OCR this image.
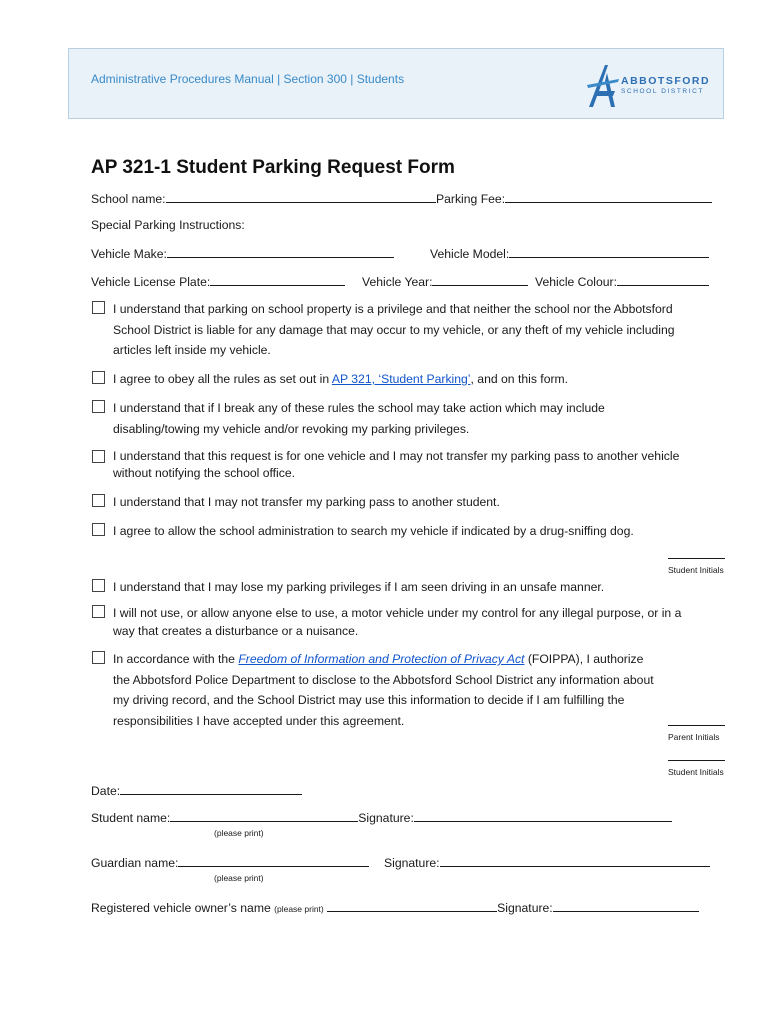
Administrative Procedures Manual | Section 300 | Students	ABBOTSFORD
SCHOOL DISTRICT
AP 321-1 Student Parking Request Form
School name:	Parking Fee:
Special Parking Instructions:
Vehicle Make:	Vehicle Model:
Vehicle License Plate:	Vehicle Year:	Vehicle Colour:
I understand that parking on school property is a privilege and that neither the school nor the Abbotsford School District is liable for any damage that may occur to my vehicle, or any theft of my vehicle including articles left inside my vehicle.
I agree to obey all the rules as set out in AP 321, ‘Student Parking’, and on this form.
I understand that if I break any of these rules the school may take action which may include disabling/towing my vehicle and/or revoking my parking privileges.
I understand that this request is for one vehicle and I may not transfer my parking pass to another vehicle without notifying the school office.
I understand that I may not transfer my parking pass to another student.
I agree to allow the school administration to search my vehicle if indicated by a drug-sniffing dog.
Student Initials
I understand that I may lose my parking privileges if I am seen driving in an unsafe manner.
I will not use, or allow anyone else to use, a motor vehicle under my control for any illegal purpose, or in a way that creates a disturbance or a nuisance.
In accordance with the Freedom of Information and Protection of Privacy Act (FOIPPA), I authorize the Abbotsford Police Department to disclose to the Abbotsford School District any information about my driving record, and the School District may use this information to decide if I am fulfilling the responsibilities I have accepted under this agreement.
Parent Initials
Student Initials
Date:
Student name:	Signature:
(please print)
Guardian name:	Signature:
(please print)
Registered vehicle owner’s name (please print)	Signature:
